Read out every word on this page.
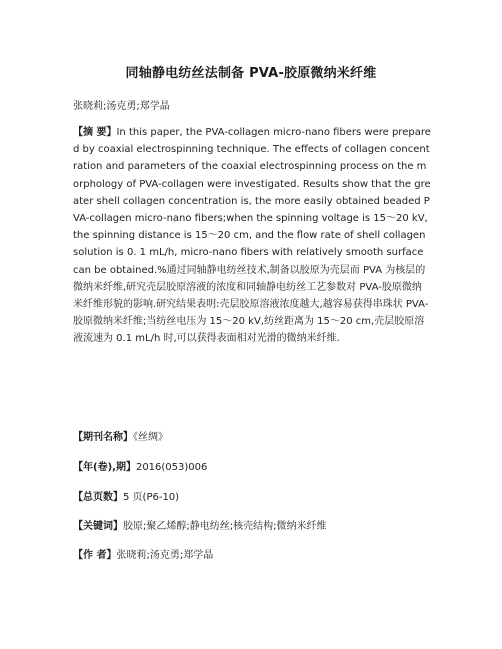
同轴静电纺丝法制备 PVA-胶原微纳米纤维
张晓莉;汤克勇;郑学晶
【摘 要】In this paper, the PVA-collagen micro-nano fibers were prepared by coaxial electrospinning technique. The effects of collagen concentration and parameters of the coaxial electrospinning process on the morphology of PVA-collagen were investigated. Results show that the greater shell collagen concentration is, the more easily obtained beaded PVA-collagen micro-nano fibers;when the spinning voltage is 15～20 kV, the spinning distance is 15～20 cm, and the flow rate of shell collagen solution is 0. 1 mL/h, micro-nano fibers with relatively smooth surface can be obtained.%通过同轴静电纺丝技术,制备以胶原为壳层而 PVA 为核层的微纳米纤维,研究壳层胶原溶液的浓度和同轴静电纺丝工艺参数对 PVA-胶原微纳米纤维形貌的影响.研究结果表明:壳层胶原溶液浓度越大,越容易获得串珠状 PVA-胶原微纳米纤维;当纺丝电压为 15～20 kV,纺丝距离为 15～20 cm,壳层胶原溶液流速为 0.1 mL/h 时,可以获得表面相对光滑的微纳米纤维.
【期刊名称】《丝绸》
【年(卷),期】2016(053)006
【总页数】5 页(P6-10)
【关键词】胶原;聚乙烯醇;静电纺丝;核壳结构;微纳米纤维
【作 者】张晓莉;汤克勇;郑学晶
